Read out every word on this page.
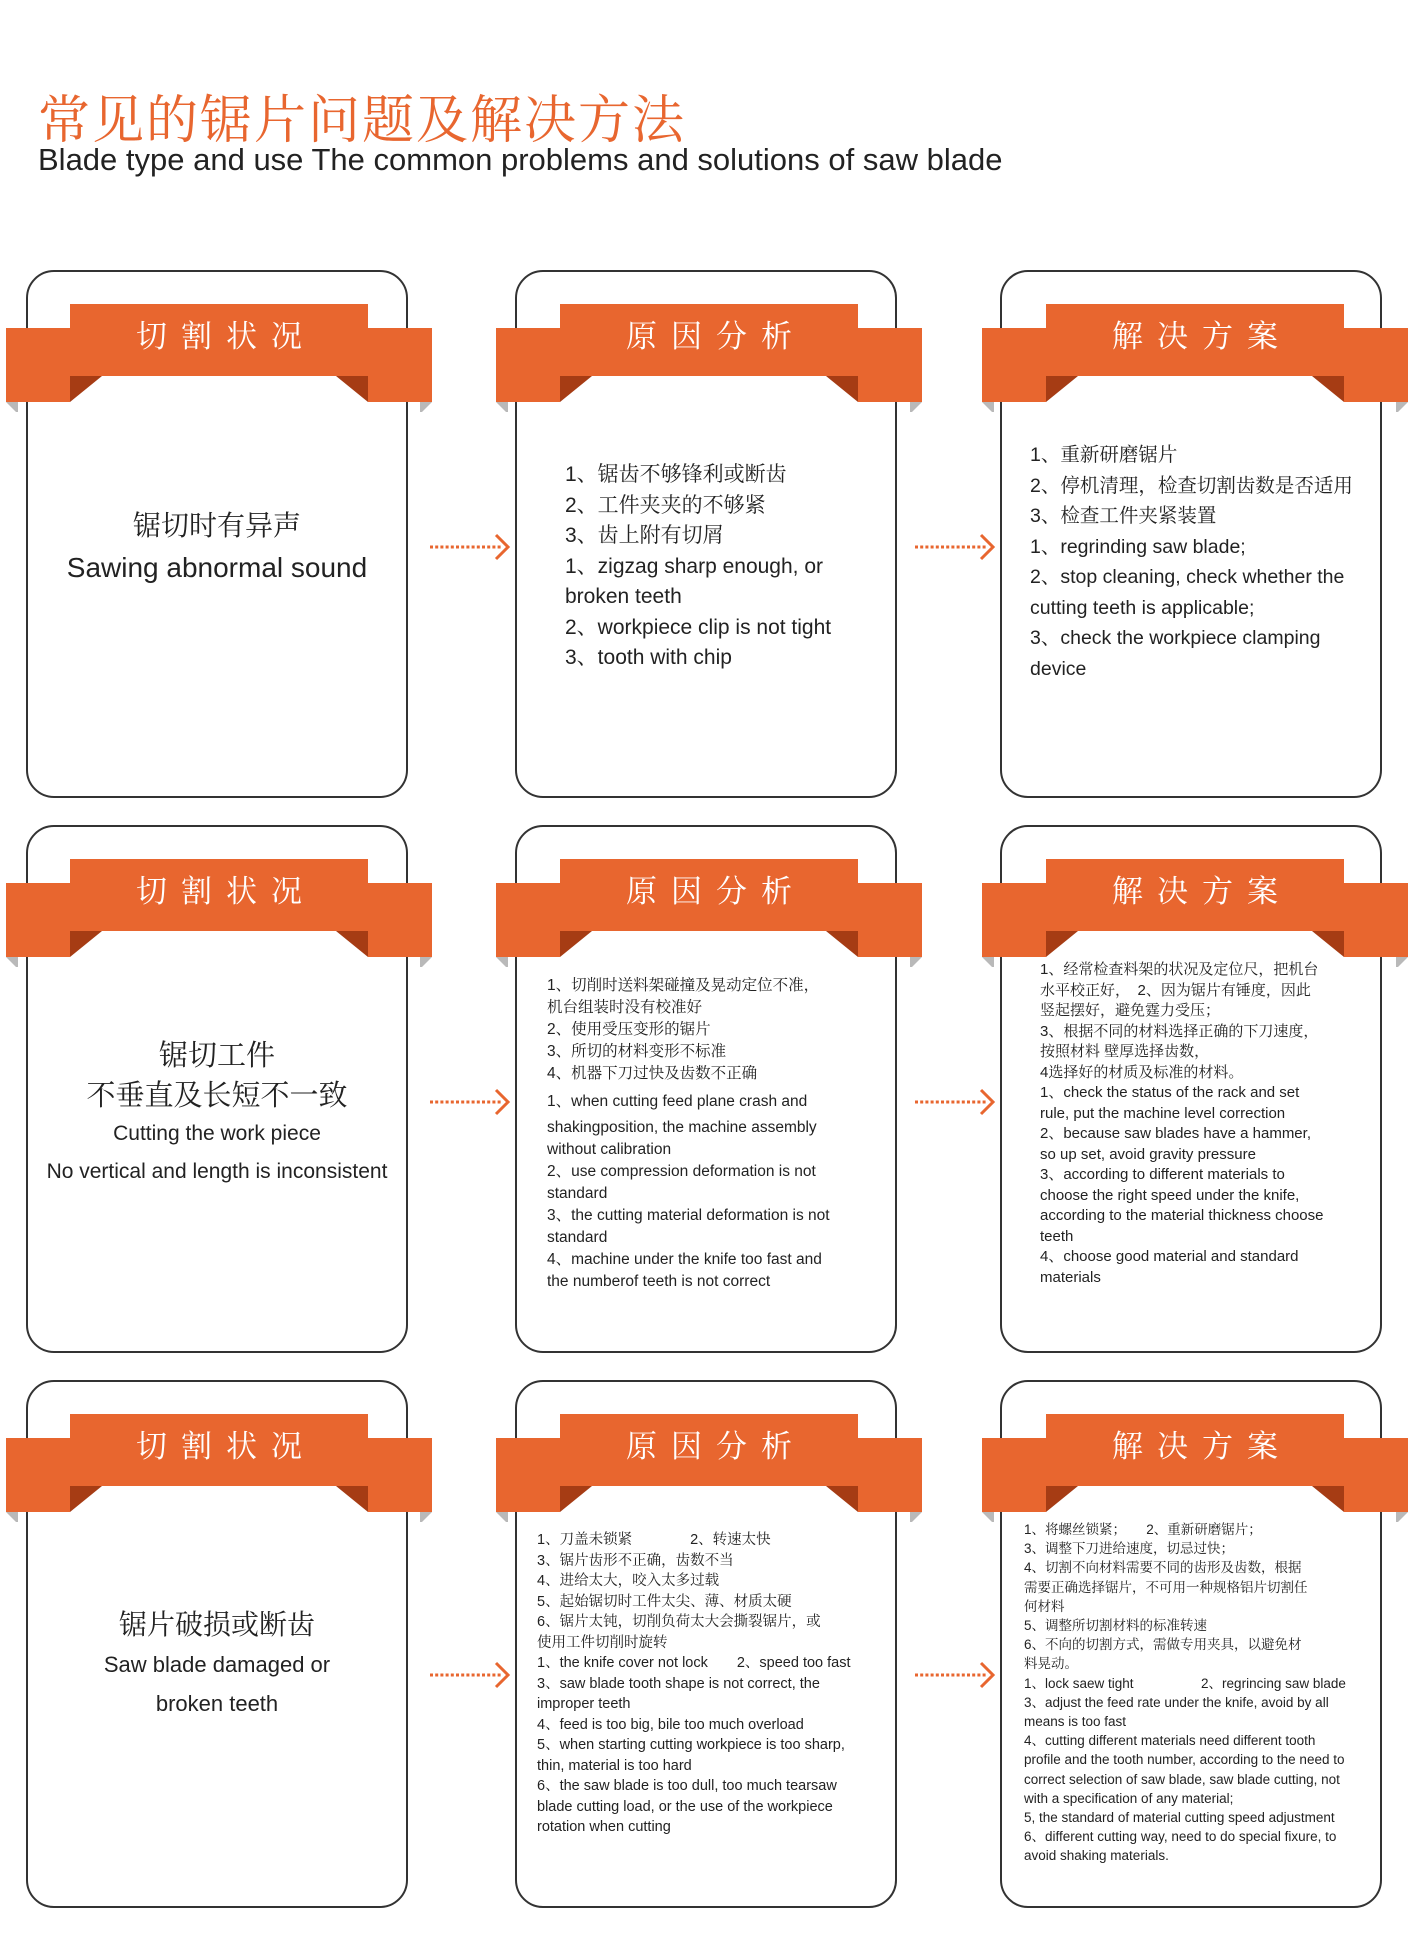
常见的锯片问题及解决方法
Blade type and use The common problems and solutions of saw blade
切割状况
锯切时有异声
Sawing abnormal sound
原因分析
1、锯齿不够锋利或断齿
2、工件夹夹的不够紧
3、齿上附有切屑
1、zigzag sharp enough, or
broken teeth
2、workpiece clip is not tight
3、tooth with chip
解决方案
1、重新研磨锯片
2、停机清理，检查切割齿数是否适用
3、检查工件夹紧装置
1、regrinding saw blade;
2、stop cleaning, check whether the
cutting teeth is applicable;
3、check the workpiece clamping
device
切割状况
锯切工件
不垂直及长短不一致
Cutting the work piece
No vertical and length is inconsistent
原因分析
1、切削时送料架碰撞及晃动定位不准，
机台组装时没有校准好
2、使用受压变形的锯片
3、所切的材料变形不标准
4、机器下刀过快及齿数不正确
1、when cutting feed plane crash and
shakingposition, the machine assembly
without calibration
2、use compression deformation is not
standard
3、the cutting material deformation is not
standard
4、machine under the knife too fast and
the numberof teeth is not correct
解决方案
1、经常检查料架的状况及定位尺，把机台
水平校正好，　2、因为锯片有锤度，因此
竖起摆好，避免霆力受压；
3、根据不同的材料选择正确的下刀速度，
按照材料 壁厚选择齿数，
4选择好的材质及标准的材料。
1、check the status of the rack and set
rule, put the machine level correction
2、because saw blades have a hammer,
so up set, avoid gravity pressure
3、according to different materials to
choose the right speed under the knife,
according to the material thickness choose
teeth
4、choose good material and standard
materials
切割状况
锯片破损或断齿
Saw blade damaged or
broken teeth
原因分析
1、刀盖未锁紧　　　　2、转速太快
3、锯片齿形不正确，齿数不当
4、进给太大，咬入太多过载
5、起始锯切时工件太尖、薄、材质太硬
6、锯片太钝，切削负荷太大会撕裂锯片，或
使用工件切削时旋转
1、the knife cover not lock　　2、speed too fast
3、saw blade tooth shape is not correct, the
improper teeth
4、feed is too big, bile too much overload
5、when starting cutting workpiece is too sharp,
thin, material is too hard
6、the saw blade is too dull, too much tearsaw
blade cutting load, or the use of the workpiece
rotation when cutting
解决方案
1、将螺丝锁紧；　　2、重新研磨锯片；
3、调整下刀进给速度，切忌过快；
4、切割不向材料需要不同的齿形及齿数，根据
需要正确选择锯片，不可用一种规格铝片切割任
何材料
5、调整所切割材料的标准转速
6、不向的切割方式，需做专用夹具，以避免材
料晃动。
1、lock saew tight　　　　　2、regrincing saw blade
3、adjust the feed rate under the knife, avoid by all
means is too fast
4、cutting different materials need different tooth
profile and the tooth number, according to the need to
correct selection of saw blade, saw blade cutting, not
with a specification of any material;
5, the standard of material cutting speed adjustment
6、different cutting way, need to do special fixure, to
avoid shaking materials.
